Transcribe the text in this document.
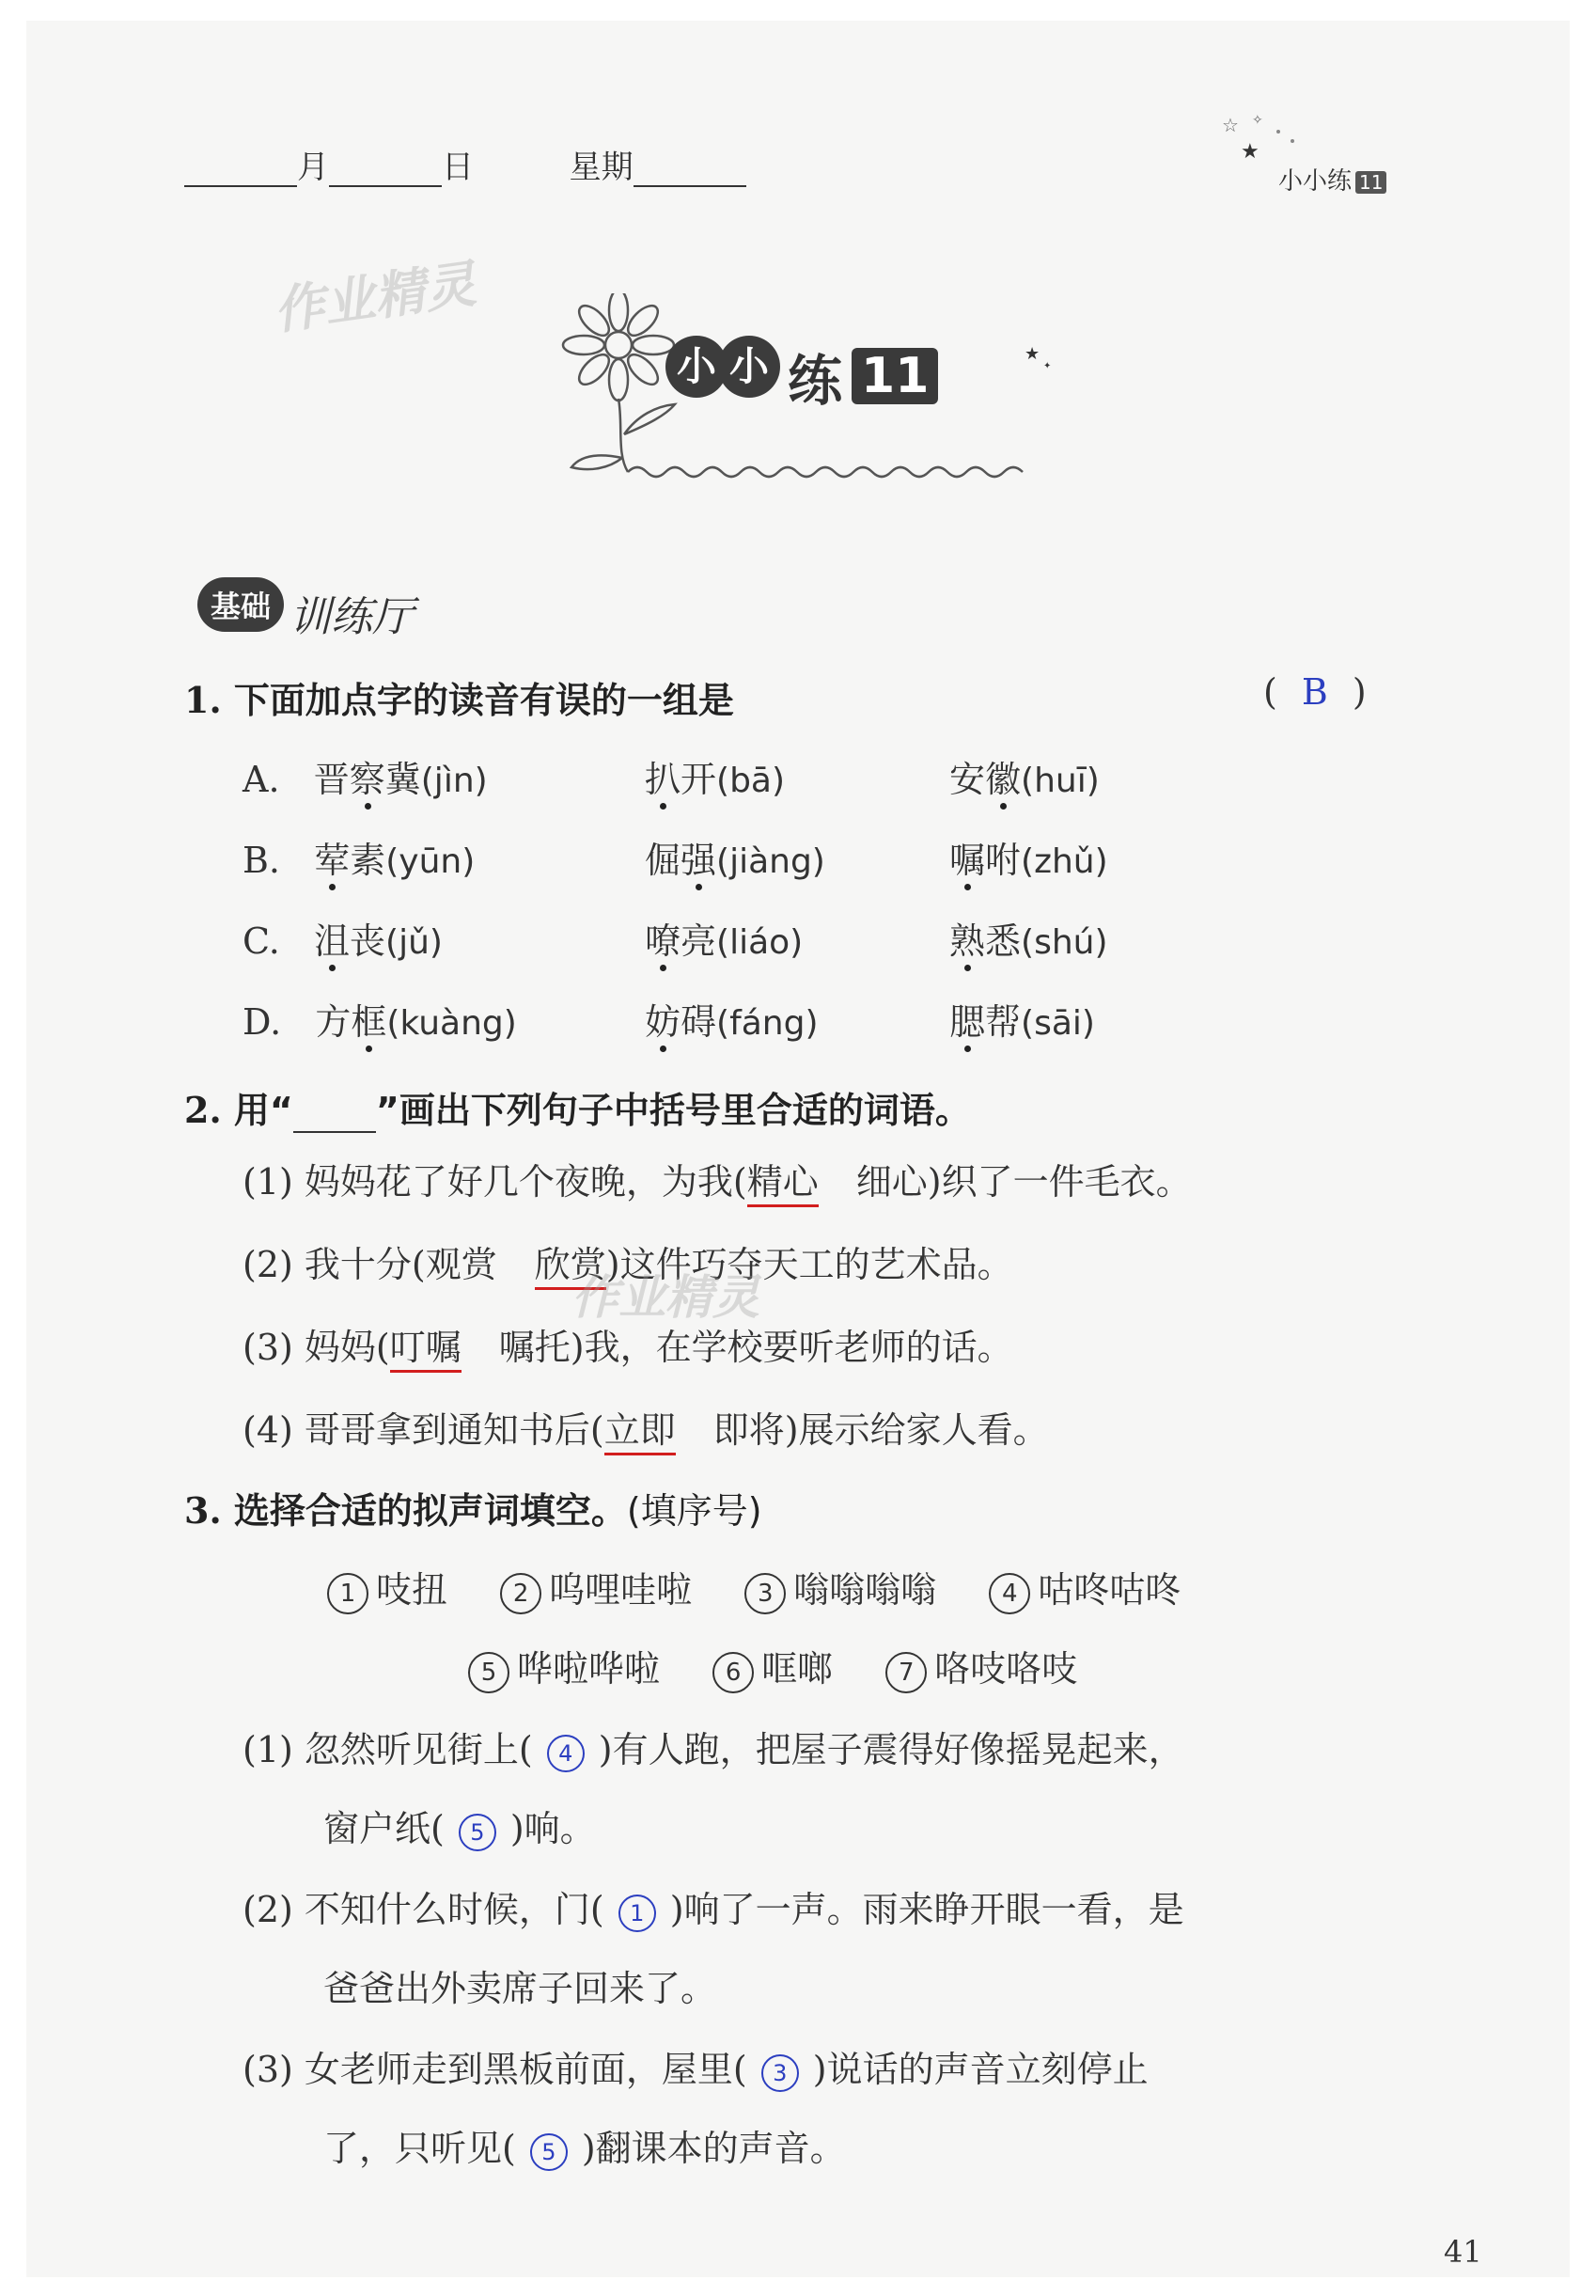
月	日	星期
☆ ✧
★
小小练 11
作业精灵
★
✦
小 小 练 11
基础 训练厅
1. 下面加点字的读音有误的一组是	( B )
A. 晋察冀(jìn)	扒开(bā)	安徽(huī)
B. 荤素(yūn)	倔强(jiàng)	嘱咐(zhǔ)
C. 沮丧(jǔ)	嘹亮(liáo)	熟悉(shú)
D. 方框(kuàng)	妨碍(fáng)	腮帮(sāi)
2. 用“ ”画出下列句子中括号里合适的词语。
(1) 妈妈花了好几个夜晚，为我(精心 细心)织了一件毛衣。
(2) 我十分(观赏 欣赏)这件巧夺天工的艺术品。
作业精灵
(3) 妈妈(叮嘱 嘱托)我，在学校要听老师的话。
(4) 哥哥拿到通知书后(立即 即将)展示给家人看。
3. 选择合适的拟声词填空。(填序号)
1 吱扭	2 呜哩哇啦	3 嗡嗡嗡嗡	4 咕咚咕咚
5 哗啦哗啦	6 哐啷	7 咯吱咯吱
(1) 忽然听见街上( 4 )有人跑，把屋子震得好像摇晃起来，
窗户纸( 5 )响。
(2) 不知什么时候，门( 1 )响了一声。雨来睁开眼一看，是
爸爸出外卖席子回来了。
(3) 女老师走到黑板前面，屋里( 3 )说话的声音立刻停止
了，只听见( 5 )翻课本的声音。
41
